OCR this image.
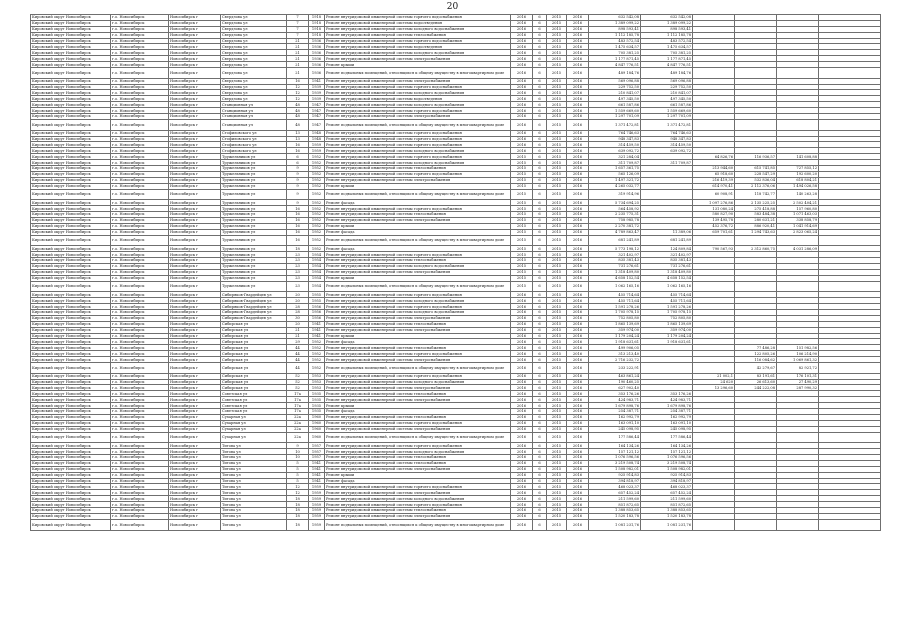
20
Кировский округ Новосибирск	г.о. Новосибирск	Новосибирск г	Свердлова ул	7	1918	Ремонт внутридомовой инженерной системы горячего водоснабжения	2016	6	2015	2016	632 542,08	632 542,08				
Кировский округ Новосибирск	г.о. Новосибирск	Новосибирск г	Свердлова ул	7	1918	Ремонт внутридомовой инженерной системы водоотведения	2016	6	2015	2016	1 389 099,22	1 389 099,22				
Кировский округ Новосибирск	г.о. Новосибирск	Новосибирск г	Свердлова ул	7	1918	Ремонт внутридомовой инженерной системы холодного водоснабжения	2016	6	2015	2016	898 593,41	898 593,41				
Кировский округ Новосибирск	г.о. Новосибирск	Новосибирск г	Свердлова ул	7	1918	Ремонт внутридомовой инженерной системы теплоснабжения	2016	6	2015	2016	1 112 185,78	1 112 185,78				
Кировский округ Новосибирск	г.о. Новосибирск	Новосибирск г	Свердлова ул	21	1936	Ремонт внутридомовой инженерной системы горячего водоснабжения	2016	6	2015	2016	483 572,54	483 572,54				
Кировский округ Новосибирск	г.о. Новосибирск	Новосибирск г	Свердлова ул	21	1936	Ремонт внутридомовой инженерной системы водоотведения	2016	6	2015	2016	1 475 634,57	1 475 634,57				
Кировский округ Новосибирск	г.о. Новосибирск	Новосибирск г	Свердлова ул	21	1936	Ремонт внутридомовой инженерной системы холодного водоснабжения	2016	6	2015	2016	705 381,25	705 381,25				
Кировский округ Новосибирск	г.о. Новосибирск	Новосибирск г	Свердлова ул	21	1936	Ремонт внутридомовой инженерной системы электроснабжения	2016	6	2015	2016	1 177 871,45	1 177 871,45				
Кировский округ Новосибирск	г.о. Новосибирск	Новосибирск г	Свердлова ул	21	1936	Ремонт крыши	2016	6	2015	2016	4 847 776,51	4 847 776,51				
Кировский округ Новосибирск	г.о. Новосибирск	Новосибирск г	Свердлова ул	21	1936	Ремонт подвальных помещений, относящихся к общему имуществу в многоквартирном доме	2016	6	2015	2016	489 184,76	489 184,76				
Кировский округ Новосибирск	г.о. Новосибирск	Новосибирск г	Свердлова ул	16	1941	Ремонт внутридомовой инженерной системы электроснабжения	2016	6	2015	2016	569 096,88	569 096,88				
Кировский округ Новосибирск	г.о. Новосибирск	Новосибирск г	Свердлова ул	12	1939	Ремонт внутридомовой инженерной системы горячего водоснабжения	2016	6	2015	2016	229 752,50	229 752,50				
Кировский округ Новосибирск	г.о. Новосибирск	Новосибирск г	Свердлова ул	12	1939	Ремонт внутридомовой инженерной системы холодного водоснабжения	2016	6	2015	2016	210 841,07	210 841,07				
Кировский округ Новосибирск	г.о. Новосибирск	Новосибирск г	Свердлова ул	12	1939	Ремонт внутридомовой инженерной системы водоотведения	2016	6	2015	2016	497 345,50	497 345,50				
Кировский округ Новосибирск	г.о. Новосибирск	Новосибирск г	Станционная ул	48	1947	Ремонт внутридомовой инженерной системы холодного водоснабжения	2016	6	2015	2016	661 587,86	661 587,86				
Кировский округ Новосибирск	г.о. Новосибирск	Новосибирск г	Станционная ул	48	1947	Ремонт внутридомовой инженерной системы горячего водоснабжения	2016	6	2015	2016	1 559 669,60	1 559 669,60				
Кировский округ Новосибирск	г.о. Новосибирск	Новосибирск г	Станционная ул	48	1947	Ремонт внутридомовой инженерной системы электроснабжения	2016	6	2015	2016	1 297 701,09	1 297 701,09				
Кировский округ Новосибирск	г.о. Новосибирск	Новосибирск г	Станционная ул	48	1947	Ремонт подвальных помещений, относящихся к общему имуществу в многоквартирном доме	2016	6	2015	2016	1 371 472,81	1 371 472,81				
Кировский округ Новосибирск	г.о. Новосибирск	Новосибирск г	Стофиловского ул	13	1948	Ремонт внутридомовой инженерной системы горячего водоснабжения	2016	6	2015	2016	764 746,63	764 746,63				
Кировский округ Новосибирск	г.о. Новосибирск	Новосибирск г	Стофиловского ул	13	1948	Ремонт внутридомовой инженерной системы горячего водоснабжения	2016	6	2015	2016	948 347,83	948 347,83				
Кировский округ Новосибирск	г.о. Новосибирск	Новосибирск г	Стофиловского ул	16	1959	Ремонт внутридомовой инженерной системы горячего водоснабжения	2016	6	2015	2016	314 459,50	314 459,50				
Кировский округ Новосибирск	г.о. Новосибирск	Новосибирск г	Стофиловского ул	16	1959	Ремонт внутридомовой инженерной системы холодного водоснабжения	2016	6	2015	2016	639 092,72	639 092,72				
Кировский округ Новосибирск	г.о. Новосибирск	Новосибирск г	Тружельников ул	6	1952	Ремонт внутридомовой инженерной системы горячего водоснабжения	2015	6	2015	2016	321 284,04		64 826,76	116 936,57	141 608,88	
Кировский округ Новосибирск	г.о. Новосибирск	Новосибирск г	Тружельников ул	6	1952	Ремонт внутридомовой инженерной системы холодного водоснабжения	2015	6	2015	2016	311 709,87	311 709,87				
Кировский округ Новосибирск	г.о. Новосибирск	Новосибирск г	Тружельников ул	9	1952	Ремонт внутридомовой инженерной системы теплоснабжения	2015	6	2015	2016	1 657 361,75		213 944,60	615 741,85	727 855,12	
Кировский округ Новосибирск	г.о. Новосибирск	Новосибирск г	Тружельников ул	9	1952	Ремонт внутридомовой инженерной системы горячего водоснабжения	2015	6	2015	2016	565 126,09		65 918,60	228 547,29	192 600,20	
Кировский округ Новосибирск	г.о. Новосибирск	Новосибирск г	Тружельников ул	9	1952	Ремонт внутридомовой инженерной системы электроснабжения	2015	6	2015	2016	1 497 321,72		216 419,39	532 836,04	618 804,21	
Кировский округ Новосибирск	г.о. Новосибирск	Новосибирск г	Тружельников ул	9	1952	Ремонт крыши	2015	6	2015	2016	4 265 032,77		614 970,41	2 112 376,06	1 494 026,58	
Кировский округ Новосибирск	г.о. Новосибирск	Новосибирск г	Тружельников ул	9	1952	Ремонт подвальных помещений, относящихся к общему имуществу в многоквартирном доме	2015	6	2015	2016	319 914,96		60 908,91	118 742,77	140 263,28	
Кировский округ Новосибирск	г.о. Новосибирск	Новосибирск г	Тружельников ул	9	1952	Ремонт фасада	2015	6	2015	2016	5 734 694,25		1 097 276,86	2 135 225,25	2 502 404,21	
Кировский округ Новосибирск	г.о. Новосибирск	Новосибирск г	Тружельников ул	16	1952	Ремонт внутридомовой инженерной системы горячего водоснабжения	2015	6	2015	2016	564 458,92		131 080,24	275 418,88	157 960,80	
Кировский округ Новосибирск	г.о. Новосибирск	Новосибирск г	Тружельников ул	16	1952	Ремонт внутридомовой инженерной системы теплоснабжения	2015	6	2015	2016	2 235 775,31		580 827,90	583 484,38	1 071 463,03	
Кировский округ Новосибирск	г.о. Новосибирск	Новосибирск г	Тружельников ул	16	1952	Ремонт внутридомовой инженерной системы электроснабжения	2015	6	2015	2016	758 985,78		139 495,78	280 631,21	338 858,79	
Кировский округ Новосибирск	г.о. Новосибирск	Новосибирск г	Тружельников ул	16	1952	Ремонт крыши	2015	6	2015	2016	2 270 381,72		452 376,72	886 920,41	1 041 914,69	
Кировский округ Новосибирск	г.о. Новосибирск	Новосибирск г	Тружельников ул	16	1952	Ремонт фасада	2015	6	2015	2016	4 789 863,47	11 389,06	659 701,61	1 294 743,63	2 823 065,24	
Кировский округ Новосибирск	г.о. Новосибирск	Новосибирск г	Тружельников ул	16	1952	Ремонт подвальных помещений, относящихся к общему имуществу в многоквартирном доме	2015	6	2015	2016	681 241,89	681 241,89				
Кировский округ Новосибирск	г.о. Новосибирск	Новосибирск г	Тружельников ул	18	1952	Ремонт фасада	2015	6	2015	2016	5 773 198,12	124 809,84	790 567,93	2 312 860,75	4 031 286,09	
Кировский округ Новосибирск	г.о. Новосибирск	Новосибирск г	Тружельников ул	23	1954	Ремонт внутридомовой инженерной системы горячего водоснабжения	2015	6	2015	2016	321 402,97	321 402,97				
Кировский округ Новосибирск	г.о. Новосибирск	Новосибирск г	Тружельников ул	23	1954	Ремонт внутридомовой инженерной системы теплоснабжения	2015	6	2015	2016	835 381,43	835 381,43				
Кировский округ Новосибирск	г.о. Новосибирск	Новосибирск г	Тружельников ул	23	1954	Ремонт внутридомовой инженерной системы холодного водоснабжения	2015	6	2015	2016	731 276,61	731 276,61				
Кировский округ Новосибирск	г.о. Новосибирск	Новосибирск г	Тружельников ул	23	1954	Ремонт внутридомовой инженерной системы электроснабжения	2015	6	2015	2016	1 318 409,80	1 318 409,80				
Кировский округ Новосибирск	г.о. Новосибирск	Новосибирск г	Тружельников ул	23	1954	Ремонт крыши	2015	6	2015	2016	4 658 152,54	4 658 152,54				
Кировский округ Новосибирск	г.о. Новосибирск	Новосибирск г	Тружельников ул	23	1954	Ремонт подвальных помещений, относящихся к общему имуществу в многоквартирном доме	2015	6	2015	2016	1 062 165,16	1 062 165,16				
Кировский округ Новосибирск	г.о. Новосибирск	Новосибирск г	Сибиряков-Гвардейцев ул	20	1955	Ремонт внутридомовой инженерной системы горячего водоснабжения	2016	6	2015	2016	455 714,64	455 714,64				
Кировский округ Новосибирск	г.о. Новосибирск	Новосибирск г	Сибиряков-Гвардейцев ул	20	1955	Ремонт внутридомовой инженерной системы холодного водоснабжения	2016	6	2015	2016	455 711,64	455 711,64				
Кировский округ Новосибирск	г.о. Новосибирск	Новосибирск г	Сибиряков-Гвардейцев ул	28	1956	Ремонт внутридомовой инженерной системы горячего водоснабжения	2016	6	2015	2016	1 591 278,26	1 591 278,26				
Кировский округ Новосибирск	г.о. Новосибирск	Новосибирск г	Сибиряков-Гвардейцев ул	28	1956	Ремонт внутридомовой инженерной системы холодного водоснабжения	2016	6	2015	2016	1 705 978,15	1 705 978,15				
Кировский округ Новосибирск	г.о. Новосибирск	Новосибирск г	Сибиряков-Гвардейцев ул	30	1956	Ремонт внутридомовой инженерной системы электроснабжения	2016	6	2015	2016	752 805,80	752 805,80				
Кировский округ Новосибирск	г.о. Новосибирск	Новосибирск г	Сибирская ул	20	1941	Ремонт внутридомовой инженерной системы теплоснабжения	2016	6	2015	2016	1 865 139,69	1 865 139,69				
Кировский округ Новосибирск	г.о. Новосибирск	Новосибирск г	Сибирская ул	21	1941	Ремонт внутридомовой инженерной системы электроснабжения	2016	6	2015	2016	359 974,00	359 974,00				
Кировский округ Новосибирск	г.о. Новосибирск	Новосибирск г	Сибирская ул	21	1941	Ремонт крыши	2016	6	2015	2016	1 179 204,24	1 179 204,24				
Кировский округ Новосибирск	г.о. Новосибирск	Новосибирск г	Сибирская ул	29	1952	Ремонт фасада	2016	6	2015	2016	1 918 631,61	1 918 631,61				
Кировский округ Новосибирск	г.о. Новосибирск	Новосибирск г	Сибирская ул	44	1952	Ремонт внутридомовой инженерной системы теплоснабжения	2016	6	2015	2016	499 906,05			77 486,28	151 982,56	
Кировский округ Новосибирск	г.о. Новосибирск	Новосибирск г	Сибирская ул	44	1952	Ремонт внутридомовой инженерной системы горячего водоснабжения	2016	6	2015	2016	313 213,40			122 805,26	106 214,90	
Кировский округ Новосибирск	г.о. Новосибирск	Новосибирск г	Сибирская ул	44	1952	Ремонт внутридомовой инженерной системы электроснабжения	2016	6	2015	2016	2 716 232,72			116 084,62	1 069 861,32	
Кировский округ Новосибирск	г.о. Новосибирск	Новосибирск г	Сибирская ул	44	1952	Ремонт подвальных помещений, относящихся к общему имуществу в многоквартирном доме	2016	6	2015	2016	233 222,91			42 279,67	82 921,72	
Кировский округ Новосибирск	г.о. Новосибирск	Новосибирск г	Сибирская ул	52	1953	Ремонт внутридомовой инженерной системы горячего водоснабжения	2016	6	2015	2016	463 861,24		21 002,1	83 191,61	176 101,31	
Кировский округ Новосибирск	г.о. Новосибирск	Новосибирск г	Сибирская ул	52	1953	Ремонт внутридомовой инженерной системы холодного водоснабжения	2016	6	2015	2016	190 460,25		24 620	26 613,60	27 490,29	
Кировский округ Новосибирск	г.о. Новосибирск	Новосибирск г	Сибирская ул	52	1953	Ремонт внутридомовой инженерной системы электроснабжения	2016	6	2015	2016	627 902,40		13 296,60	244 222,08	287 990,32	
Кировский округ Новосибирск	г.о. Новосибирск	Новосибирск г	Советская ул	17а	1935	Ремонт внутридомовой инженерной системы теплоснабжения	2016	6	2015	2016	353 176,26	353 176,26				
Кировский округ Новосибирск	г.о. Новосибирск	Новосибирск г	Советская ул	17а	1935	Ремонт внутридомовой инженерной системы электроснабжения	2016	6	2015	2016	424 983,71	424 983,71				
Кировский округ Новосибирск	г.о. Новосибирск	Новосибирск г	Советская ул	17а	1935	Ремонт крыши	2016	6	2015	2016	1 679 898,76	1 679 898,76				
Кировский округ Новосибирск	г.о. Новосибирск	Новосибирск г	Советская ул	17а	1935	Ремонт фасада	2016	6	2015	2016	254 387,71	254 387,71				
Кировский округ Новосибирск	г.о. Новосибирск	Новосибирск г	Сухарная ул	22а	1960	Ремонт внутридомовой инженерной системы теплоснабжения	2016	6	2015	2016	162 992,79	162 992,79				
Кировский округ Новосибирск	г.о. Новосибирск	Новосибирск г	Сухарная ул	22а	1960	Ремонт внутридомовой инженерной системы горячего водоснабжения	2016	6	2015	2016	163 091,10	163 091,10				
Кировский округ Новосибирск	г.о. Новосибирск	Новосибирск г	Сухарная ул	22а	1960	Ремонт внутридомовой инженерной системы электроснабжения	2016	6	2015	2016	245 098,95	245 098,95				
Кировский округ Новосибирск	г.о. Новосибирск	Новосибирск г	Сухарная ул	22а	1960	Ремонт подвальных помещений, относящихся к общему имуществу в многоквартирном доме	2016	6	2015	2016	177 586,44	177 586,44				
Кировский округ Новосибирск	г.о. Новосибирск	Новосибирск г	Титова ул	9	1957	Ремонт внутридомовой инженерной системы горячего водоснабжения	2016	6	2015	2016	164 134,26	164 134,26				
Кировский округ Новосибирск	г.о. Новосибирск	Новосибирск г	Титова ул	10	1957	Ремонт внутридомовой инженерной системы холодного водоснабжения	2016	6	2015	2016	157 121,12	157 121,12				
Кировский округ Новосибирск	г.о. Новосибирск	Новосибирск г	Титова ул	10	1957	Ремонт внутридомовой инженерной системы теплоснабжения	2016	6	2015	2016	1 076 596,56	1 076 596,56				
Кировский округ Новосибирск	г.о. Новосибирск	Новосибирск г	Титова ул	5	1941	Ремонт внутридомовой инженерной системы теплоснабжения	2016	6	2015	2016	3 219 508,74	3 219 508,74				
Кировский округ Новосибирск	г.о. Новосибирск	Новосибирск г	Титова ул	5	1941	Ремонт внутридомовой инженерной системы электроснабжения	2016	6	2015	2016	1 508 982,01	1 508 982,01				
Кировский округ Новосибирск	г.о. Новосибирск	Новосибирск г	Титова ул	5	1941	Ремонт крыши	2016	6	2015	2016	925 914,83	925 914,83				
Кировский округ Новосибирск	г.о. Новосибирск	Новосибирск г	Титова ул	5	1941	Ремонт фасада	2016	6	2015	2016	394 818,97	394 818,97				
Кировский округ Новосибирск	г.о. Новосибирск	Новосибирск г	Титова ул	12	1959	Ремонт внутридомовой инженерной системы горячего водоснабжения	2016	6	2015	2016	468 023,37	468 023,37				
Кировский округ Новосибирск	г.о. Новосибирск	Новосибирск г	Титова ул	12	1959	Ремонт внутридомовой инженерной системы электроснабжения	2016	6	2015	2016	657 452,24	657 452,24				
Кировский округ Новосибирск	г.о. Новосибирск	Новосибирск г	Титова ул	18	1959	Ремонт внутридомовой инженерной системы холодного водоснабжения	2016	6	2015	2016	211 599,60	211 599,60				
Кировский округ Новосибирск	г.о. Новосибирск	Новосибирск г	Титова ул	18	1959	Ремонт внутридомовой инженерной системы горячего водоснабжения	2016	6	2015	2016	851 872,65	851 872,65				
Кировский округ Новосибирск	г.о. Новосибирск	Новосибирск г	Титова ул	18	1959	Ремонт внутридомовой инженерной системы теплоснабжения	2016	6	2015	2016	1 388 853,65	1 388 853,65				
Кировский округ Новосибирск	г.о. Новосибирск	Новосибирск г	Титова ул	18	1959	Ремонт внутридомовой инженерной системы электроснабжения	2016	6	2015	2016	1 520 183,78	1 520 183,78				
Кировский округ Новосибирск	г.о. Новосибирск	Новосибирск г	Титова ул	18	1959	Ремонт подвальных помещений, относящихся к общему имуществу в многоквартирном доме	2016	6	2015	2016	1 081 231,76	1 081 231,76				
